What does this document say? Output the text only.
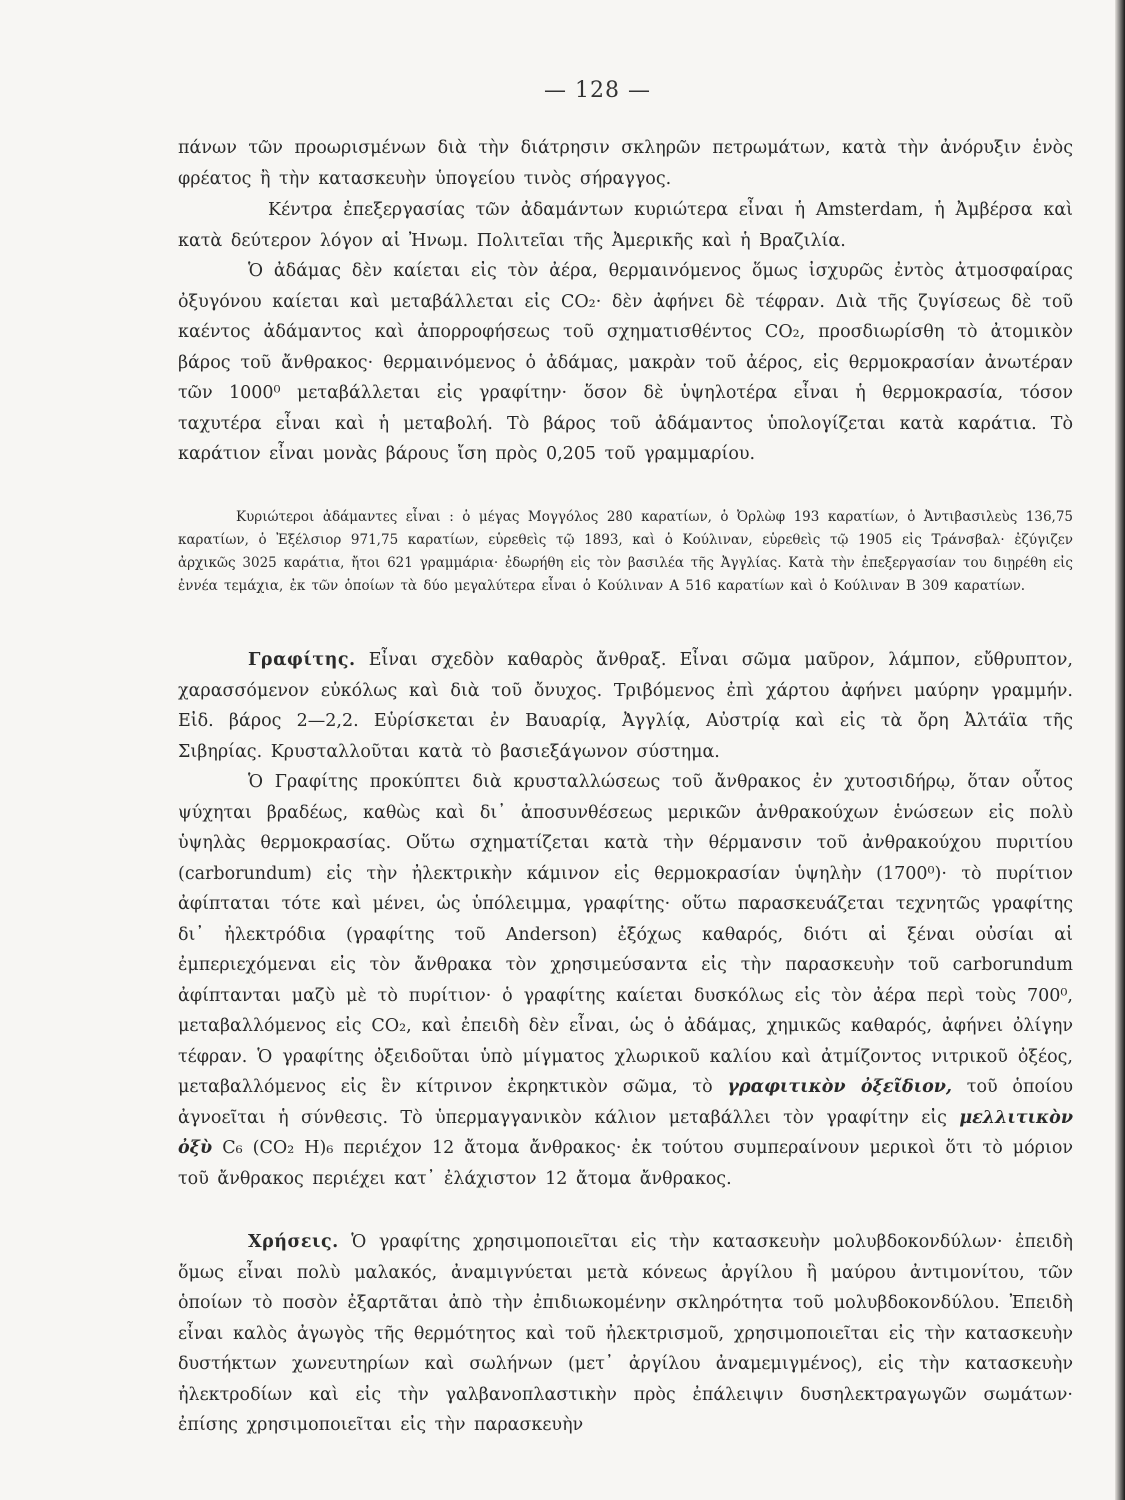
— 128 —

πάνων τῶν προωρισμένων διὰ τὴν διάτρησιν σκληρῶν πετρωμάτων, κατὰ τὴν ἀνόρυξιν ἑνὸς φρέατος ἢ τὴν κατασκευὴν ὑπογείου τινὸς σήραγγος.

Κέντρα ἐπεξεργασίας τῶν ἀδαμάντων κυριώτερα εἶναι ἡ Amsterdam, ἡ Ἀμβέρσα καὶ κατὰ δεύτερον λόγον αἱ Ἠνωμ. Πολιτεῖαι τῆς Ἀμερικῆς καὶ ἡ Βραζιλία.

Ὁ ἀδάμας δὲν καίεται εἰς τὸν ἀέρα, θερμαινόμενος ὅμως ἰσχυρῶς ἐντὸς ἀτμοσφαίρας ὀξυγόνου καίεται καὶ μεταβάλλεται εἰς CO₂· δὲν ἀφήνει δὲ τέφραν. Διὰ τῆς ζυγίσεως δὲ τοῦ καέντος ἀδάμαντος καὶ ἀπορροφήσεως τοῦ σχηματισθέντος CO₂, προσδιωρίσθη τὸ ἀτομικὸν βάρος τοῦ ἄνθρακος· θερμαινόμενος ὁ ἀδάμας, μακρὰν τοῦ ἀέρος, εἰς θερμοκρασίαν ἀνωτέραν τῶν 1000⁰ μεταβάλλεται εἰς γραφίτην· ὅσον δὲ ὑψηλοτέρα εἶναι ἡ θερμοκρασία, τόσον ταχυτέρα εἶναι καὶ ἡ μεταβολή. Τὸ βάρος τοῦ ἀδάμαντος ὑπολογίζεται κατὰ καράτια. Τὸ καράτιον εἶναι μονὰς βάρους ἴση πρὸς 0,205 τοῦ γραμμαρίου.

Κυριώτεροι ἀδάμαντες εἶναι : ὁ μέγας Μογγόλος 280 καρατίων, ὁ Ὀρλὼφ 193 καρατίων, ὁ Ἀντιβασιλεὺς 136,75 καρατίων, ὁ Ἐξέλσιορ 971,75 καρατίων, εὑρεθεὶς τῷ 1893, καὶ ὁ Κούλιναν, εὑρεθεὶς τῷ 1905 εἰς Τράνσβαλ· ἐζύγιζεν ἀρχικῶς 3025 καράτια, ἤτοι 621 γραμμάρια· ἐδωρήθη εἰς τὸν βασιλέα τῆς Ἀγγλίας. Κατὰ τὴν ἐπεξεργασίαν του διῃρέθη εἰς ἐννέα τεμάχια, ἐκ τῶν ὁποίων τὰ δύο μεγαλύτερα εἶναι ὁ Κούλιναν A 516 καρατίων καὶ ὁ Κούλιναν B 309 καρατίων.

Γραφίτης. Εἶναι σχεδὸν καθαρὸς ἄνθραξ. Εἶναι σῶμα μαῦρον, λάμπον, εὔθρυπτον, χαρασσόμενον εὐκόλως καὶ διὰ τοῦ ὄνυχος. Τριβόμενος ἐπὶ χάρτου ἀφήνει μαύρην γραμμήν. Εἰδ. βάρος 2—2,2. Εὑρίσκεται ἐν Βαυαρίᾳ, Ἀγγλίᾳ, Αὐστρίᾳ καὶ εἰς τὰ ὄρη Ἀλτάϊα τῆς Σιβηρίας. Κρυσταλλοῦται κατὰ τὸ βασιεξάγωνον σύστημα.

Ὁ Γραφίτης προκύπτει διὰ κρυσταλλώσεως τοῦ ἄνθρακος ἐν χυτοσιδήρῳ, ὅταν οὗτος ψύχηται βραδέως, καθὼς καὶ δι᾽ ἀποσυνθέσεως μερικῶν ἀνθρακούχων ἑνώσεων εἰς πολὺ ὑψηλὰς θερμοκρασίας. Οὕτω σχηματίζεται κατὰ τὴν θέρμανσιν τοῦ ἀνθρακούχου πυριτίου (carborundum) εἰς τὴν ἠλεκτρικὴν κάμινον εἰς θερμοκρασίαν ὑψηλὴν (1700⁰)· τὸ πυρίτιον ἀφίπταται τότε καὶ μένει, ὡς ὑπόλειμμα, γραφίτης· οὕτω παρασκευάζεται τεχνητῶς γραφίτης δι᾽ ἠλεκτρόδια (γραφίτης τοῦ Anderson) ἐξόχως καθαρός, διότι αἱ ξέναι οὐσίαι αἱ ἐμπεριεχόμεναι εἰς τὸν ἄνθρακα τὸν χρησιμεύσαντα εἰς τὴν παρασκευὴν τοῦ carborundum ἀφίπτανται μαζὺ μὲ τὸ πυρίτιον· ὁ γραφίτης καίεται δυσκόλως εἰς τὸν ἀέρα περὶ τοὺς 700⁰, μεταβαλλόμενος εἰς CO₂, καὶ ἐπειδὴ δὲν εἶναι, ὡς ὁ ἀδάμας, χημικῶς καθαρός, ἀφήνει ὀλίγην τέφραν. Ὁ γραφίτης ὀξειδοῦται ὑπὸ μίγματος χλωρικοῦ καλίου καὶ ἀτμίζοντος νιτρικοῦ ὀξέος, μεταβαλλόμενος εἰς ἓν κίτρινον ἐκρηκτικὸν σῶμα, τὸ γραφιτικὸν ὀξεῖδιον, τοῦ ὁποίου ἀγνοεῖται ἡ σύνθεσις. Τὸ ὑπερμαγγανικὸν κάλιον μεταβάλλει τὸν γραφίτην εἰς μελλιτικὸν ὀξὺ C₆ (CO₂ H)₆ περιέχον 12 ἄτομα ἄνθρακος· ἐκ τούτου συμπεραίνουν μερικοὶ ὅτι τὸ μόριον τοῦ ἄνθρακος περιέχει κατ᾽ ἐλάχιστον 12 ἄτομα ἄνθρακος.

Χρήσεις. Ὁ γραφίτης χρησιμοποιεῖται εἰς τὴν κατασκευὴν μολυβδοκονδύλων· ἐπειδὴ ὅμως εἶναι πολὺ μαλακός, ἀναμιγνύεται μετὰ κόνεως ἀργίλου ἢ μαύρου ἀντιμονίτου, τῶν ὁποίων τὸ ποσὸν ἐξαρτᾶται ἀπὸ τὴν ἐπιδιωκομένην σκληρότητα τοῦ μολυβδοκονδύλου. Ἐπειδὴ εἶναι καλὸς ἀγωγὸς τῆς θερμότητος καὶ τοῦ ἠλεκτρισμοῦ, χρησιμοποιεῖται εἰς τὴν κατασκευὴν δυστήκτων χωνευτηρίων καὶ σωλήνων (μετ᾽ ἀργίλου ἀναμεμιγμένος), εἰς τὴν κατασκευὴν ἠλεκτροδίων καὶ εἰς τὴν γαλβανοπλαστικὴν πρὸς ἐπάλειψιν δυσηλεκτραγωγῶν σωμάτων· ἐπίσης χρησιμοποιεῖται εἰς τὴν παρασκευὴν
